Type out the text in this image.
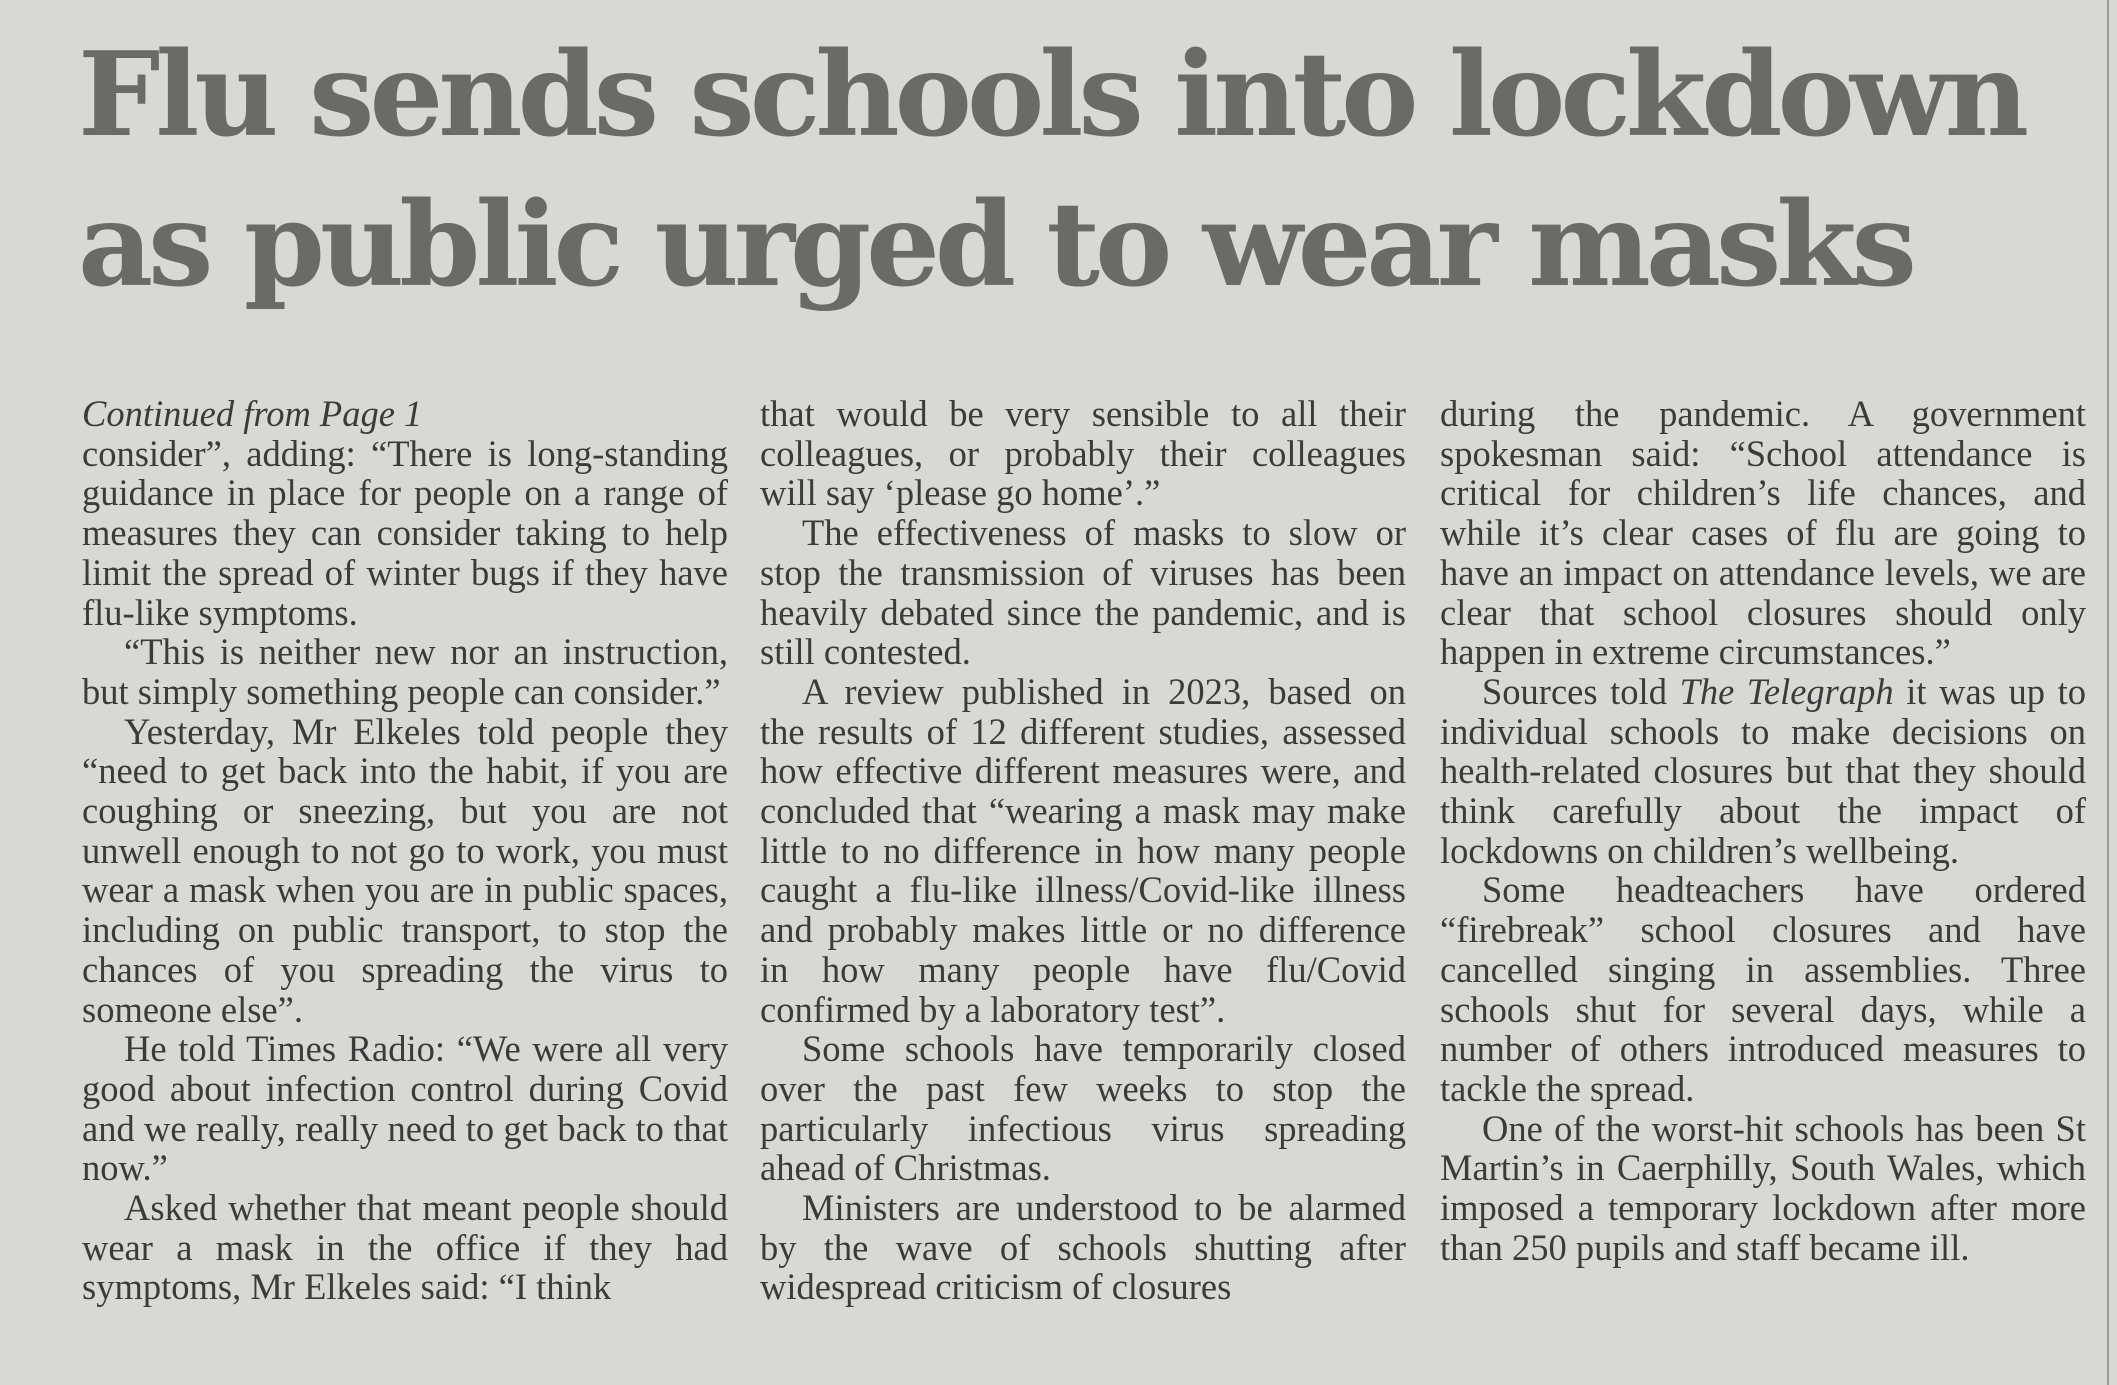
Flu sends schools into lockdown
as public urged to wear masks
Continued from Page 1

consider”, adding: “There is long-standing guidance in place for people on a range of measures they can consider taking to help limit the spread of winter bugs if they have flu-like symptoms.

“This is neither new nor an instruction, but simply something people can consider.”

Yesterday, Mr Elkeles told people they “need to get back into the habit, if you are coughing or sneezing, but you are not unwell enough to not go to work, you must wear a mask when you are in public spaces, including on public transport, to stop the chances of you spreading the virus to someone else”.

He told Times Radio: “We were all very good about infection control during Covid and we really, really need to get back to that now.”

Asked whether that meant people should wear a mask in the office if they had symptoms, Mr Elkeles said: “I think

that would be very sensible to all their colleagues, or probably their colleagues will say ‘please go home’.”

The effectiveness of masks to slow or stop the transmission of viruses has been heavily debated since the pandemic, and is still contested.

A review published in 2023, based on the results of 12 different studies, assessed how effective different measures were, and concluded that “wearing a mask may make little to no difference in how many people caught a flu-like illness/Covid-like illness and probably makes little or no difference in how many people have flu/Covid confirmed by a laboratory test”.

Some schools have temporarily closed over the past few weeks to stop the particularly infectious virus spreading ahead of Christmas.

Ministers are understood to be alarmed by the wave of schools shutting after widespread criticism of closures

during the pandemic. A government spokesman said: “School attendance is critical for children’s life chances, and while it’s clear cases of flu are going to have an impact on attendance levels, we are clear that school closures should only happen in extreme circumstances.”

Sources told The Telegraph it was up to individual schools to make decisions on health-related closures but that they should think carefully about the impact of lockdowns on children’s wellbeing.

Some headteachers have ordered “firebreak” school closures and have cancelled singing in assemblies. Three schools shut for several days, while a number of others introduced measures to tackle the spread.

One of the worst-hit schools has been St Martin’s in Caerphilly, South Wales, which imposed a temporary lockdown after more than 250 pupils and staff became ill.
